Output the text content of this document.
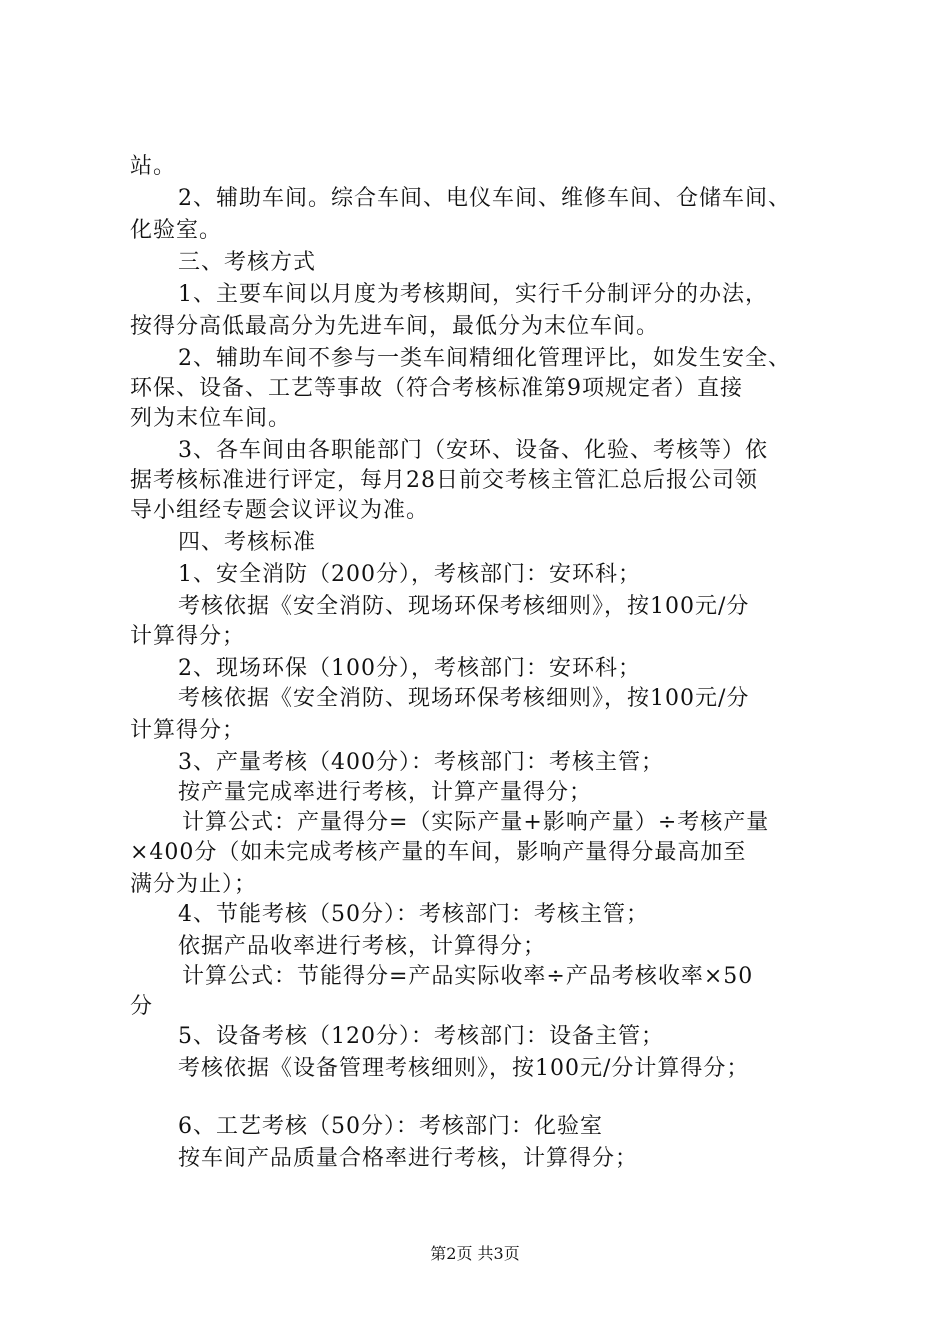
站。
2、辅助车间。综合车间、电仪车间、维修车间、仓储车间、
化验室。
三、考核方式
1、主要车间以月度为考核期间，实行千分制评分的办法，
按得分高低最高分为先进车间，最低分为末位车间。
2、辅助车间不参与一类车间精细化管理评比，如发生安全、
环保、设备、工艺等事故（符合考核标准第9项规定者）直接
列为末位车间。
3、各车间由各职能部门（安环、设备、化验、考核等）依
据考核标准进行评定，每月28日前交考核主管汇总后报公司领
导小组经专题会议评议为准。
四、考核标准
1、安全消防（200分），考核部门：安环科；
考核依据《安全消防、现场环保考核细则》，按100元/分
计算得分；
2、现场环保（100分），考核部门：安环科；
考核依据《安全消防、现场环保考核细则》，按100元/分
计算得分；
3、产量考核（400分）：考核部门：考核主管；
按产量完成率进行考核，计算产量得分；
计算公式：产量得分=（实际产量+影响产量）÷考核产量
×400分（如未完成考核产量的车间，影响产量得分最高加至
满分为止）；
4、节能考核（50分）：考核部门：考核主管；
依据产品收率进行考核，计算得分；
计算公式：节能得分=产品实际收率÷产品考核收率×50
分
5、设备考核（120分）：考核部门：设备主管；
考核依据《设备管理考核细则》，按100元/分计算得分；
6、工艺考核（50分）：考核部门：化验室
按车间产品质量合格率进行考核，计算得分；
第2页 共3页
